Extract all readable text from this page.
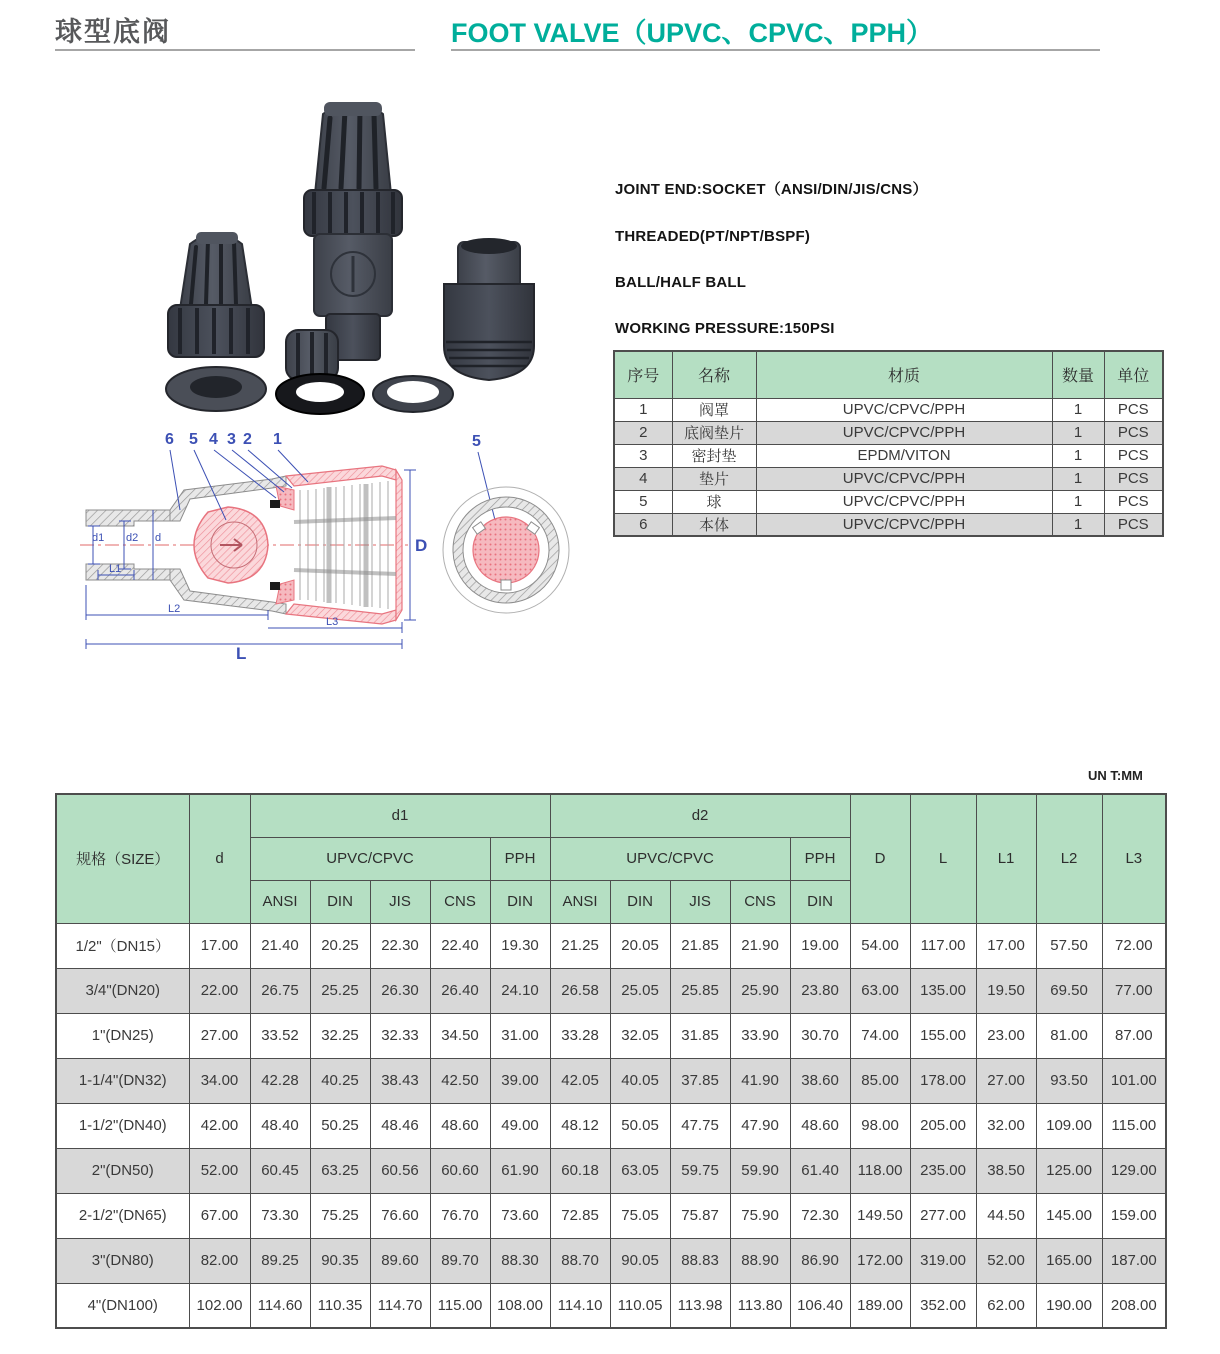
球型底阀	FOOT VALVE（UPVC、CPVC、PPH）
6 5 4 3 2 1
d1 d2 d
L1
L2
L3
L
D
5
JOINT END:SOCKET（ANSI/DIN/JIS/CNS）
THREADED(PT/NPT/BSPF)
BALL/HALF BALL
WORKING PRESSURE:150PSI
序号	名称	材质	数量	单位
1	阀罩	UPVC/CPVC/PPH	1	PCS
2	底阀垫片	UPVC/CPVC/PPH	1	PCS
3	密封垫	EPDM/VITON	1	PCS
4	垫片	UPVC/CPVC/PPH	1	PCS
5	球	UPVC/CPVC/PPH	1	PCS
6	本体	UPVC/CPVC/PPH	1	PCS
UN T:MM
规格（SIZE）	d	d1					d2					D	L	L1	L2	L3
		UPVC/CPVC				PPH	UPVC/CPVC				PPH					
		ANSI	DIN	JIS	CNS	DIN	ANSI	DIN	JIS	CNS	DIN					
1/2"（DN15）	17.00	21.40	20.25	22.30	22.40	19.30	21.25	20.05	21.85	21.90	19.00	54.00	117.00	17.00	57.50	72.00
3/4"(DN20)	22.00	26.75	25.25	26.30	26.40	24.10	26.58	25.05	25.85	25.90	23.80	63.00	135.00	19.50	69.50	77.00
1"(DN25)	27.00	33.52	32.25	32.33	34.50	31.00	33.28	32.05	31.85	33.90	30.70	74.00	155.00	23.00	81.00	87.00
1-1/4"(DN32)	34.00	42.28	40.25	38.43	42.50	39.00	42.05	40.05	37.85	41.90	38.60	85.00	178.00	27.00	93.50	101.00
1-1/2"(DN40)	42.00	48.40	50.25	48.46	48.60	49.00	48.12	50.05	47.75	47.90	48.60	98.00	205.00	32.00	109.00	115.00
2"(DN50)	52.00	60.45	63.25	60.56	60.60	61.90	60.18	63.05	59.75	59.90	61.40	118.00	235.00	38.50	125.00	129.00
2-1/2"(DN65)	67.00	73.30	75.25	76.60	76.70	73.60	72.85	75.05	75.87	75.90	72.30	149.50	277.00	44.50	145.00	159.00
3"(DN80)	82.00	89.25	90.35	89.60	89.70	88.30	88.70	90.05	88.83	88.90	86.90	172.00	319.00	52.00	165.00	187.00
4"(DN100)	102.00	114.60	110.35	114.70	115.00	108.00	114.10	110.05	113.98	113.80	106.40	189.00	352.00	62.00	190.00	208.00
